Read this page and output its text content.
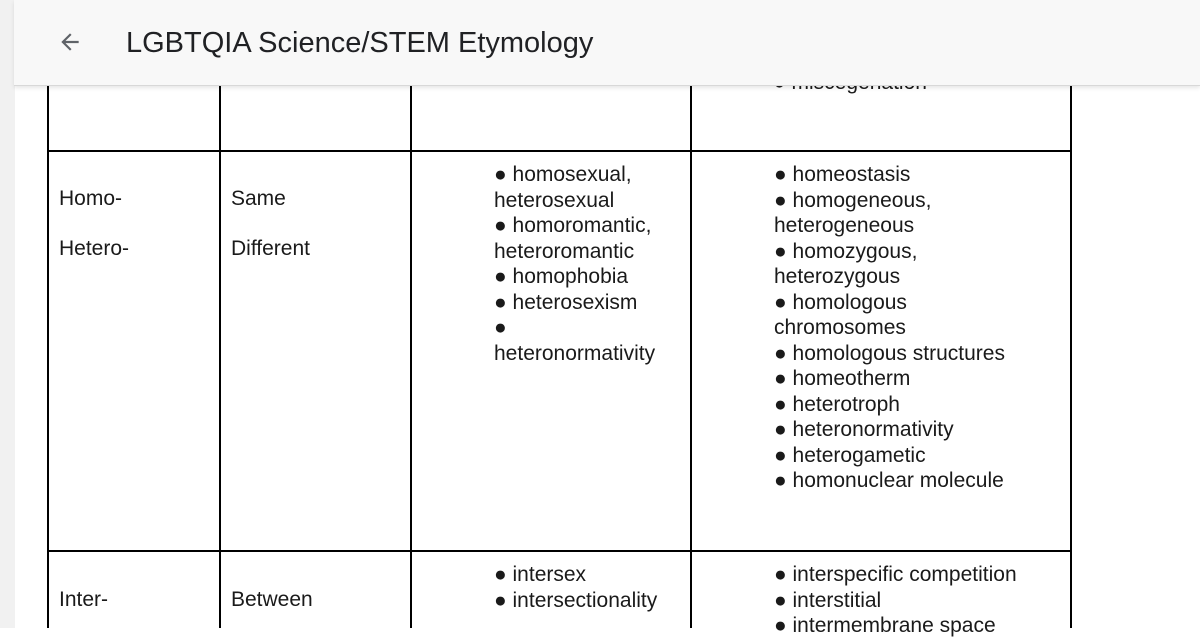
Homo-
Hetero-
Same
Different
● homosexual,
heterosexual
● homoromantic,
heteroromantic
● homophobia
● heterosexism
●
heteronormativity
● homeostasis
● homogeneous,
heterogeneous
● homozygous,
heterozygous
● homologous
chromosomes
● homologous structures
● homeotherm
● heterotroph
● heteronormativity
● heterogametic
● homonuclear molecule
Inter-	Between
● intersex
● intersectionality
● interspecific competition
● interstitial
● intermembrane space
LGBTQIA Science/STEM Etymology
